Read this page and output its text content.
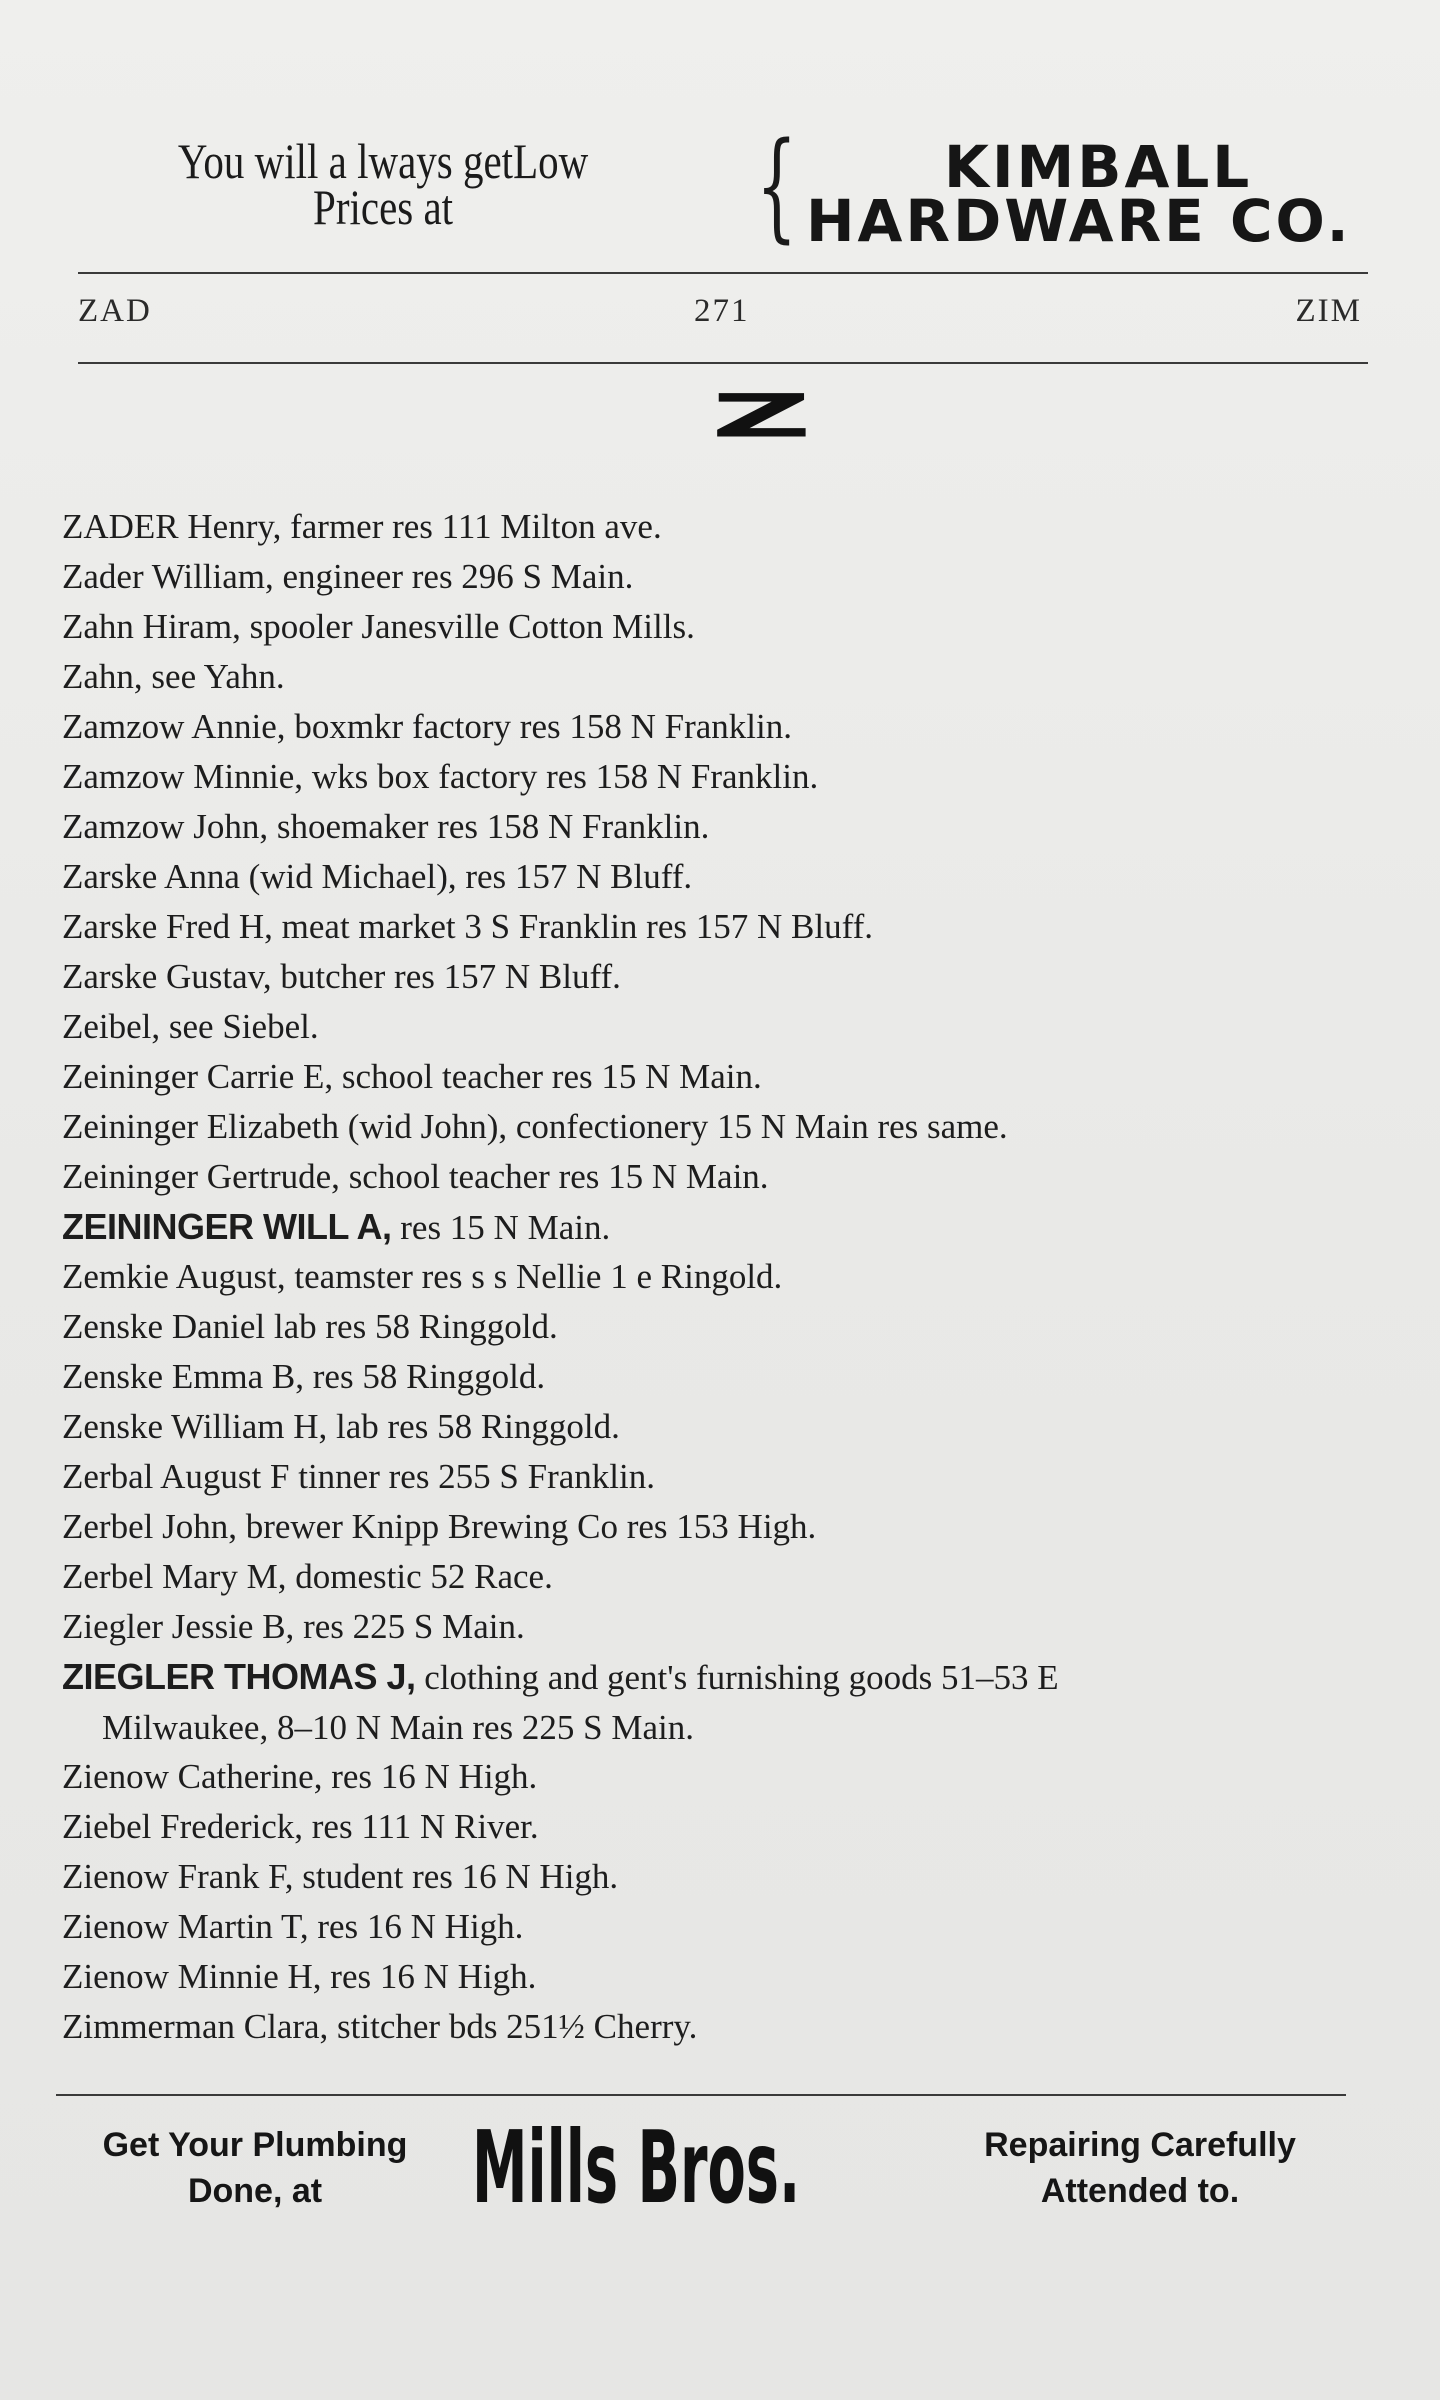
You will a lways getLow
Prices at	{	KIMBALL
HARDWARE CO.
ZAD	271	ZIM
Z
ZADER Henry, farmer res 111 Milton ave.
Zader William, engineer res 296 S Main.
Zahn Hiram, spooler Janesville Cotton Mills.
Zahn, see Yahn.
Zamzow Annie, boxmkr factory res 158 N Franklin.
Zamzow Minnie, wks box factory res 158 N Franklin.
Zamzow John, shoemaker res 158 N Franklin.
Zarske Anna (wid Michael), res 157 N Bluff.
Zarske Fred H, meat market 3 S Franklin res 157 N Bluff.
Zarske Gustav, butcher res 157 N Bluff.
Zeibel, see Siebel.
Zeininger Carrie E, school teacher res 15 N Main.
Zeininger Elizabeth (wid John), confectionery 15 N Main res same.
Zeininger Gertrude, school teacher res 15 N Main.
ZEININGER WILL A, res 15 N Main.
Zemkie August, teamster res s s Nellie 1 e Ringold.
Zenske Daniel lab res 58 Ringgold.
Zenske Emma B, res 58 Ringgold.
Zenske William H, lab res 58 Ringgold.
Zerbal August F tinner res 255 S Franklin.
Zerbel John, brewer Knipp Brewing Co res 153 High.
Zerbel Mary M, domestic 52 Race.
Ziegler Jessie B, res 225 S Main.
ZIEGLER THOMAS J, clothing and gent's furnishing goods 51–53 E
Milwaukee, 8–10 N Main res 225 S Main.
Zienow Catherine, res 16 N High.
Ziebel Frederick, res 111 N River.
Zienow Frank F, student res 16 N High.
Zienow Martin T, res 16 N High.
Zienow Minnie H, res 16 N High.
Zimmerman Clara, stitcher bds 251½ Cherry.
Get Your Plumbing
Done, at	Mills Bros.	Repairing Carefully
Attended to.
